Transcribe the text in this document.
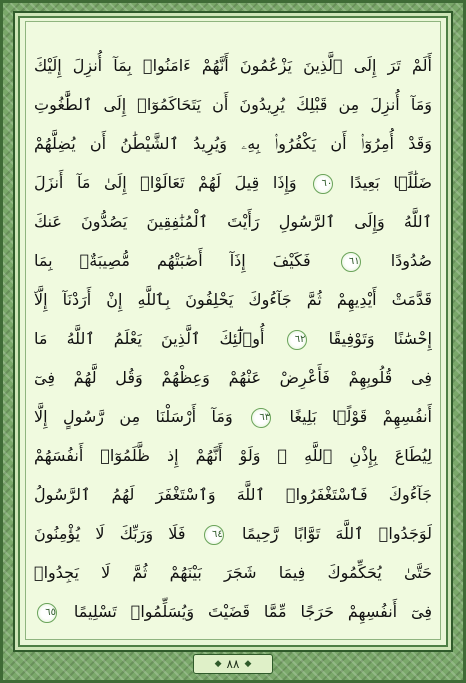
أَلَمْ تَرَ إِلَى ٱلَّذِينَ يَزْعُمُونَ أَنَّهُمْ ءَامَنُوا۟ بِمَآ أُنزِلَ إِلَيْكَ
وَمَآ أُنزِلَ مِن قَبْلِكَ يُرِيدُونَ أَن يَتَحَاكَمُوٓا۟ إِلَى ٱلطَّٰغُوتِ
وَقَدْ أُمِرُوٓا۟ أَن يَكْفُرُوا۟ بِهِۦ وَيُرِيدُ ٱلشَّيْطَٰنُ أَن يُضِلَّهُمْ
ضَلَٰلًۢا بَعِيدًا ٦٠ وَإِذَا قِيلَ لَهُمْ تَعَالَوْا۟ إِلَىٰ مَآ أَنزَلَ
ٱللَّهُ وَإِلَى ٱلرَّسُولِ رَأَيْتَ ٱلْمُنَٰفِقِينَ يَصُدُّونَ عَنكَ
صُدُودًا ٦١ فَكَيْفَ إِذَآ أَصَٰبَتْهُم مُّصِيبَةٌۢ بِمَا
قَدَّمَتْ أَيْدِيهِمْ ثُمَّ جَآءُوكَ يَحْلِفُونَ بِٱللَّهِ إِنْ أَرَدْنَآ إِلَّآ
إِحْسَٰنًا وَتَوْفِيقًا ٦٢ أُو۟لَٰٓئِكَ ٱلَّذِينَ يَعْلَمُ ٱللَّهُ مَا
فِى قُلُوبِهِمْ فَأَعْرِضْ عَنْهُمْ وَعِظْهُمْ وَقُل لَّهُمْ فِىٓ
أَنفُسِهِمْ قَوْلًۢا بَلِيغًا ٦٣ وَمَآ أَرْسَلْنَا مِن رَّسُولٍ إِلَّا
لِيُطَاعَ بِإِذْنِ ٱللَّهِ ۚ وَلَوْ أَنَّهُمْ إِذ ظَّلَمُوٓا۟ أَنفُسَهُمْ
جَآءُوكَ فَٱسْتَغْفَرُوا۟ ٱللَّهَ وَٱسْتَغْفَرَ لَهُمُ ٱلرَّسُولُ
لَوَجَدُوا۟ ٱللَّهَ تَوَّابًا رَّحِيمًا ٦٤ فَلَا وَرَبِّكَ لَا يُؤْمِنُونَ
حَتَّىٰ يُحَكِّمُوكَ فِيمَا شَجَرَ بَيْنَهُمْ ثُمَّ لَا يَجِدُوا۟
فِىٓ أَنفُسِهِمْ حَرَجًا مِّمَّا قَضَيْتَ وَيُسَلِّمُوا۟ تَسْلِيمًا ٦٥
◆ ٨٨ ◆
